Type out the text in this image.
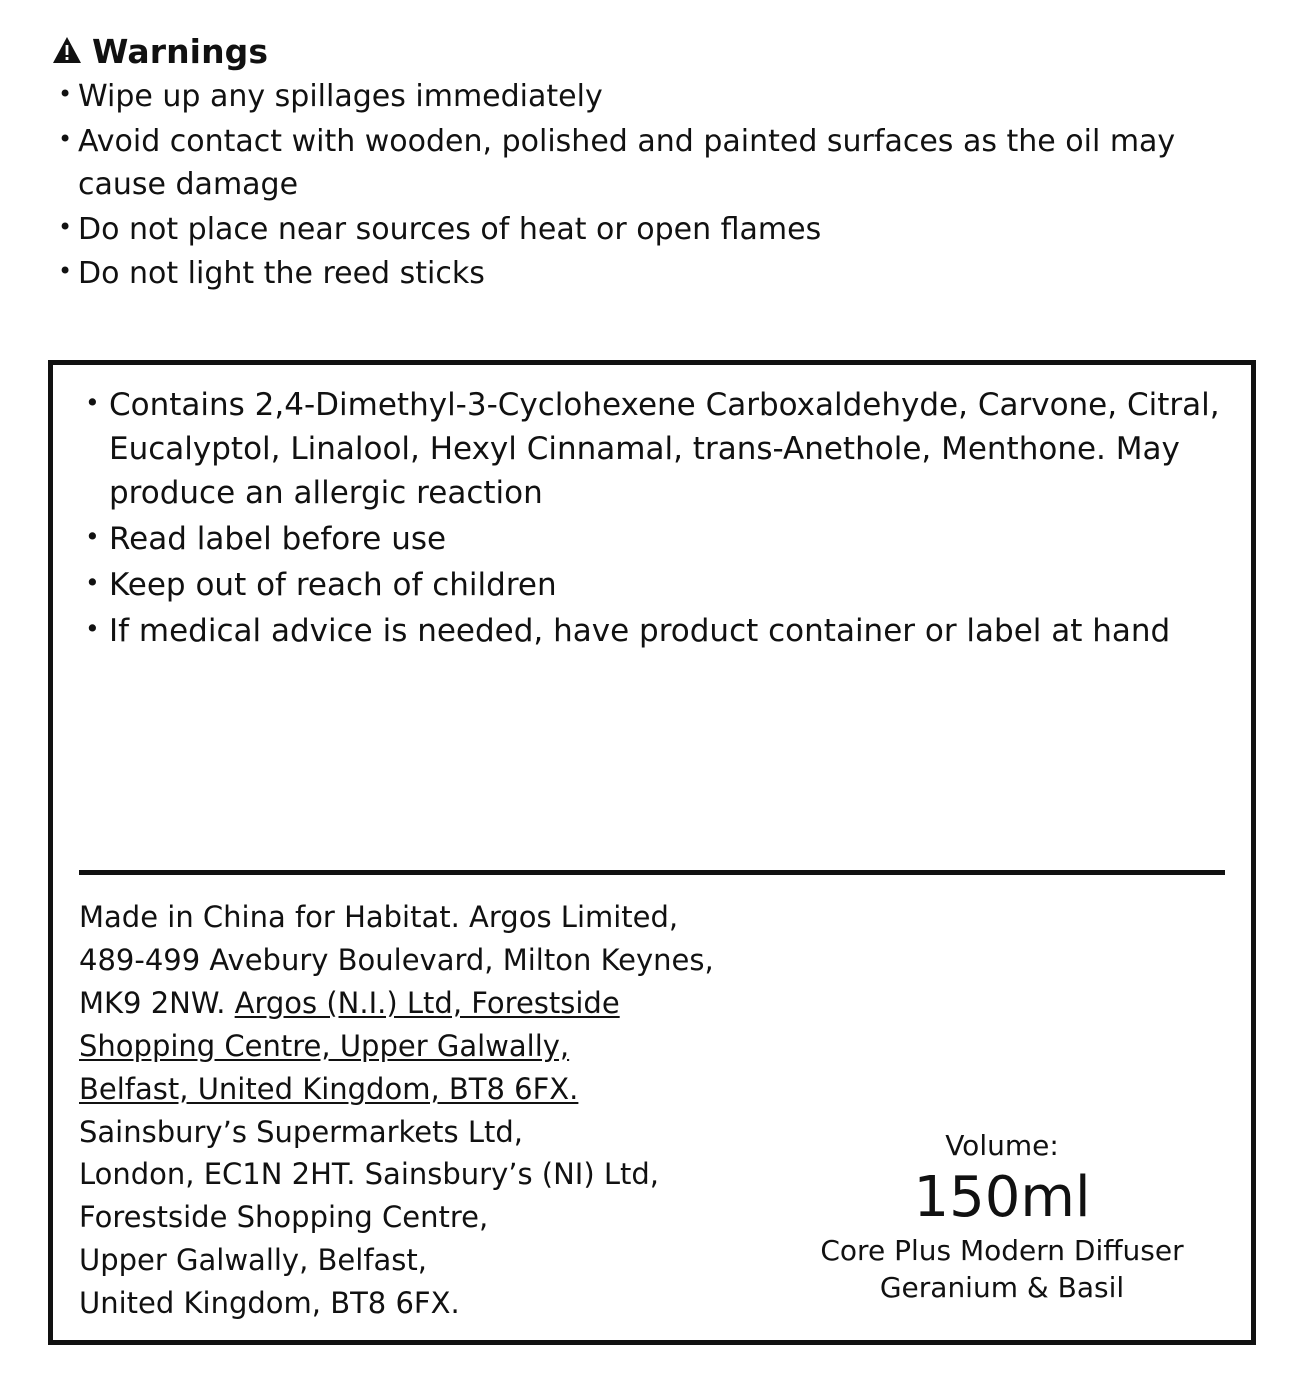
Warnings
• Wipe up any spillages immediately
• Avoid contact with wooden, polished and painted surfaces as the oil may cause damage
• Do not place near sources of heat or open flames
• Do not light the reed sticks
• Contains 2,4-Dimethyl-3-Cyclohexene Carboxaldehyde, Carvone, Citral, Eucalyptol, Linalool, Hexyl Cinnamal, trans-Anethole, Menthone. May produce an allergic reaction
• Read label before use
• Keep out of reach of children
• If medical advice is needed, have product container or label at hand
Made in China for Habitat. Argos Limited,
489-499 Avebury Boulevard, Milton Keynes,
MK9 2NW. Argos (N.I.) Ltd, Forestside
Shopping Centre, Upper Galwally,
Belfast, United Kingdom, BT8 6FX.
Sainsbury’s Supermarkets Ltd,
London, EC1N 2HT. Sainsbury’s (NI) Ltd,
Forestside Shopping Centre,
Upper Galwally, Belfast,
United Kingdom, BT8 6FX.
Volume:
150ml
Core Plus Modern Diffuser
Geranium & Basil
